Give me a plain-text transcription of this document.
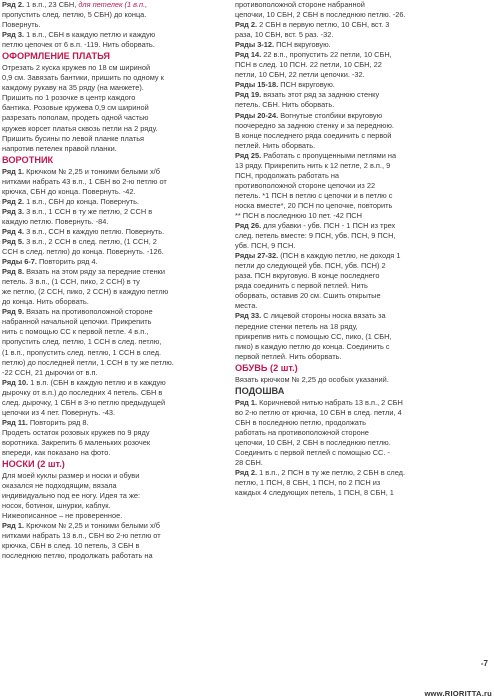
Ряд 2. 1 в.п., 23 СБН, для петелек (1 в.п.,
пропустить след. петлю, 5 СБН) до конца.
Повернуть.
Ряд 3. 1 в.п., СБН в каждую петлю и каждую
петлю цепочек от 6 в.п. -119. Нить оборвать.
ОФОРМЛЕНИЕ ПЛАТЬЯ
Отрезать 2 куска кружев по 18 см шириной
0,9 см. Завязать бантики, пришить по одному к
каждому рукаву на 35 ряду (на манжете).
Пришить по 1 розочке в центр каждого
бантика. Розовые кружева 0,9 см шириной
разрезать пополам, продеть одной частью
кружев корсет платья сквозь петли на 2 ряду.
Пришить бусины по левой планке платья
напротив петелек правой планки.
ВОРОТНИК
Ряд 1. Крючком № 2,25 и тонкими белыми х/б
нитками набрать 43 в.п., 1 СБН во 2-ю петлю от
крючка, СБН до конца. Повернуть. -42.
Ряд 2. 1 в.п., СБН до конца. Повернуть.
Ряд 3. 3 в.п., 1 ССН в ту же петлю, 2 ССН в
каждую петлю. Повернуть. -84.
Ряд 4. 3 в.п., ССН в каждую петлю. Повернуть.
Ряд 5. 3 в.п., 2 ССН в след. петлю, (1 ССН, 2
ССН в след. петлю) до конца. Повернуть. -126.
Ряды 6-7. Повторить ряд 4.
Ряд 8. Вязать на этом ряду за передние стенки
петель. 3 в.п., (1 ССН, пико, 2 ССН) в ту
же петлю, (2 ССН, пико, 2 ССН) в каждую петлю
до конца. Нить оборвать.
Ряд 9. Вязать на противоположной стороне
набранной начальной цепочки. Прикрепить
нить с помощью СС к первой петле. 4 в.п.,
пропустить след. петлю, 1 ССН в след. петлю,
(1 в.п., пропустить след. петлю, 1 ССН в след.
петлю) до последней петли, 1 ССН в ту же петлю.
-22 ССН, 21 дырочки от в.п.
Ряд 10. 1 в.п. (СБН в каждую петлю и в каждую
дырочку от в.п.) до последних 4 петель. СБН в
след. дырочку, 1 СБН в 3-ю петлю предыдущей
цепочки из 4 пет. Повернуть. -43.
Ряд 11. Повторить ряд 8.
Продеть остаток розовых кружев по 9 ряду
воротника. Закрепить 6 маленьких розочек
впереди, как показано на фото.
НОСКИ (2 шт.)
Для моей куклы размер и носки и обуви
оказался не подходящим, вязала
индивидуально под ее ногу. Идея та же:
носок, ботинок, шнурки, каблук.
Нижеописанное – не проверенное.
Ряд 1. Крючком № 2,25 и тонкими белыми х/б
нитками набрать 13 в.п., СБН во 2-ю петлю от
крючка, СБН в след. 10 петель, 3 СБН в
последнюю петлю, продолжать работать на
противоположной стороне набранной
цепочки, 10 СБН, 2 СБН в последнюю петлю. -26.
Ряд 2. 2 СБН в первую петлю, 10 СБН, вст. 3
раза, 10 СБН, вст. 5 раз. -32.
Ряды 3-12. ПСН вкруговую.
Ряд 14. 22 в.п., пропустить 22 петли, 10 СБН,
ПСН в след. 10 ПСН. 22 петли, 10 СБН, 22
петли, 10 СБН, 22 петли цепочки. -32.
Ряды 15-18. ПСН вкруговую.
Ряд 19. вязать этот ряд за заднюю стенку
петель. СБН. Нить оборвать.
Ряды 20-24. Вогнутые столбики вкруговую
поочередно за заднюю стенку и за переднюю.
В конце последнего ряда соединить с первой
петлей. Нить оборвать.
Ряд 25. Работать с пропущенными петлями на
13 ряду. Прикрепить нить к 12 петле, 2 в.п., 9
ПСН, продолжать работать на
противоположной стороне цепочки из 22
петель. *1 ПСН в петлю с цепочки и в петлю с
носка вместе*, 20 ПСН по цепочке, повторить
** ПСН в последнюю 10 пет. -42 ПСН
Ряд 26. для убавки - убв. ПСН - 1 ПСН из трех
след. петель вместе: 9 ПСН, убв. ПСН, 9 ПСН,
убв. ПСН, 9 ПСН.
Ряды 27-32. (ПСН в каждую петлю, не доходя 1
петли до следующей убв. ПСН, убв. ПСН) 2
раза. ПСН вкруговую. В конце последнего
ряда соединить с первой петлей. Нить
оборвать, оставив 20 см. Сшить открытые
места.
Ряд 33. С лицевой стороны носка вязать за
передние стенки петель на 18 ряду,
прикрепив нить с помощью СС, пико, (1 СБН,
пико) в каждую петлю до конца. Соединить с
первой петлей. Нить оборвать.
ОБУВЬ (2 шт.)
Вязать крючком № 2,25 до особых указаний.
ПОДОШВА
Ряд 1. Коричневой нитью набрать 13 в.п., 2 СБН
во 2-ю петлю от крючка, 10 СБН в след. петли, 4
СБН в последнюю петлю, продолжать
работать на противоположной стороне
цепочки, 10 СБН, 2 СБН в последнюю петлю.
Соединить с первой петлей с помощью СС. -
28 СБН.
Ряд 2. 1 в.п., 2 ПСН в ту же петлю, 2 СБН в след.
петлю, 1 ПСН, 8 СБН, 1 ПСН, по 2 ПСН из
каждых 4 следующих петель, 1 ПСН, 8 СБН, 1
-7
www.RIORITTA.ru
